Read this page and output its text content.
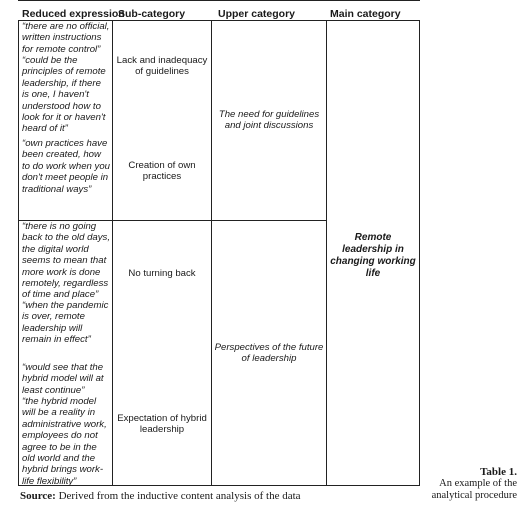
Reduced expression
Sub-category	Upper category	Main category
“there are no official, written instructions for remote control”
“could be the principles of remote leadership, if there is one, I haven't understood how to look for it or haven't heard of it”
“own practices have been created, how to do work when you don't meet people in traditional ways”
Lack and inadequacy of guidelines
Creation of own practices
The need for guidelines and joint discussions
“there is no going back to the old days, the digital world seems to mean that more work is done remotely, regardless of time and place”
“when the pandemic is over, remote leadership will remain in effect”
“would see that the hybrid model will at least continue”
“the hybrid model will be a reality in administrative work, employees do not agree to be in the old world and the hybrid brings work-life flexibility”
No turning back
Expectation of hybrid leadership
Perspectives of the future of leadership
Remote leadership in changing working life
Source: Derived from the inductive content analysis of the data
Table 1.
An example of the analytical procedure
